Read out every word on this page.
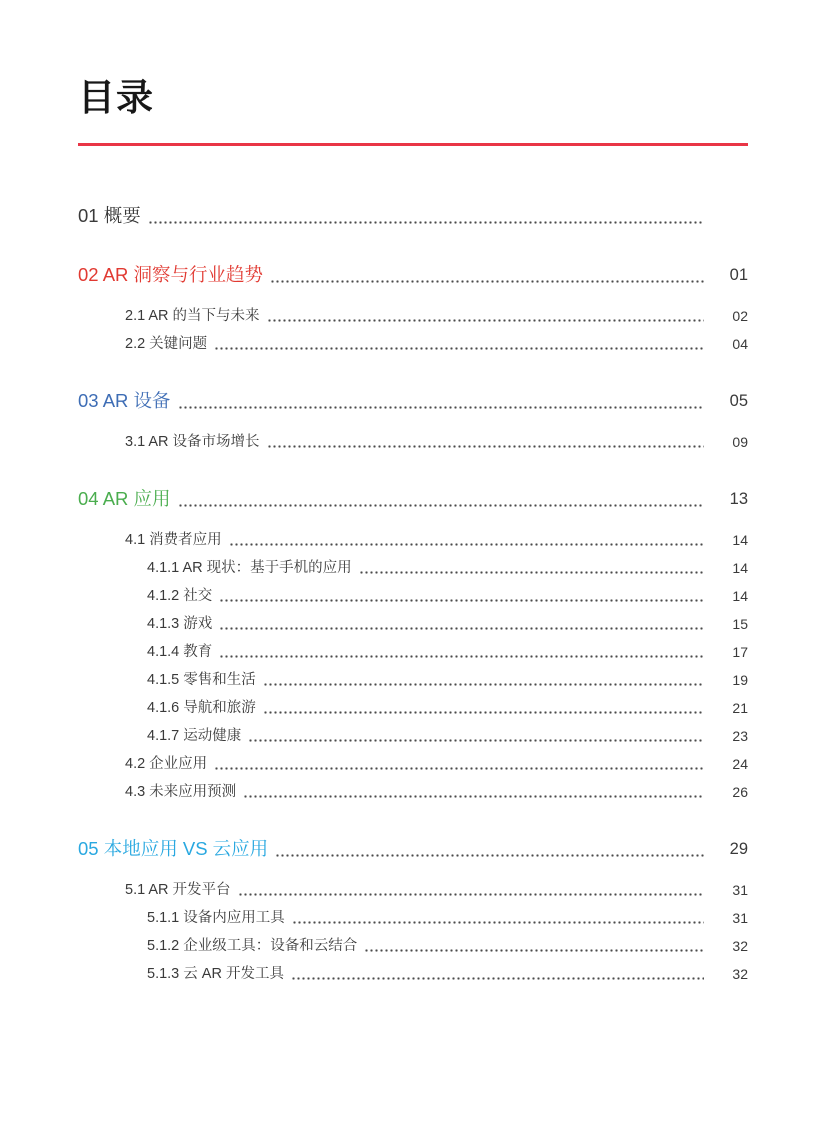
目录
01 概要
02 AR 洞察与行业趋势	01
2.1 AR 的当下与未来	02
2.2 关键问题	04
03 AR 设备	05
3.1 AR 设备市场增长	09
04 AR 应用	13
4.1 消费者应用	14
4.1.1 AR 现状：基于手机的应用	14
4.1.2 社交	14
4.1.3 游戏	15
4.1.4 教育	17
4.1.5 零售和生活	19
4.1.6 导航和旅游	21
4.1.7 运动健康	23
4.2 企业应用	24
4.3 未来应用预测	26
05 本地应用 VS 云应用	29
5.1 AR 开发平台	31
5.1.1 设备内应用工具	31
5.1.2 企业级工具：设备和云结合	32
5.1.3 云 AR 开发工具	32
